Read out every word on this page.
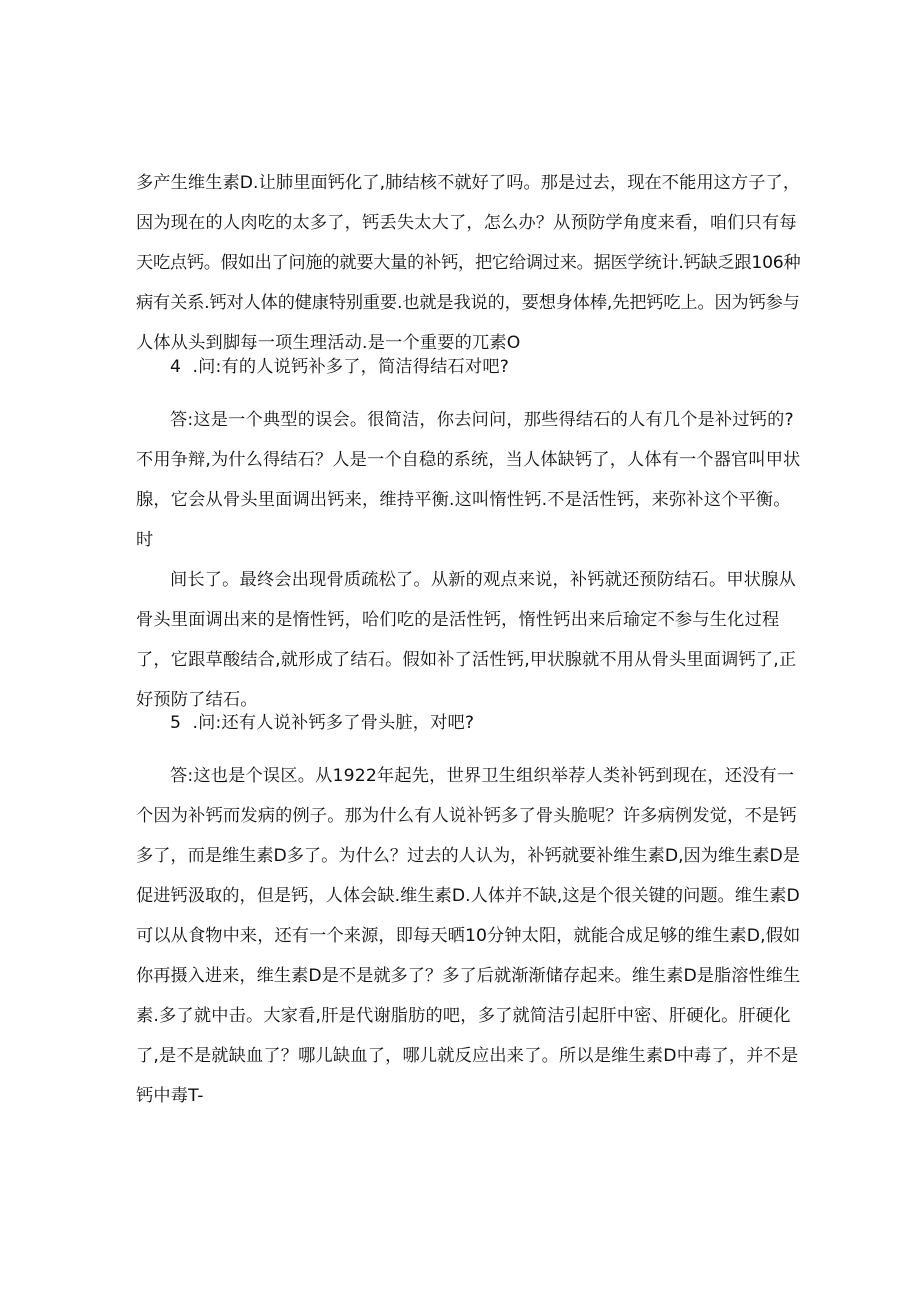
多产生维生素D.让肺里面钙化了,肺结核不就好了吗。那是过去，现在不能用这方子了，
因为现在的人肉吃的太多了，钙丢失太大了，怎么办？从预防学角度来看，咱们只有每
天吃点钙。假如出了问施的就要大量的补钙，把它给调过来。据医学统计.钙缺乏跟106种
病有关系.钙对人体的健康特别重要.也就是我说的，要想身体棒,先把钙吃上。因为钙参与
人体从头到脚每一项生理活动.是一个重要的兀素O
4  .问:有的人说钙补多了，简洁得结石对吧?
答:这是一个典型的误会。很简洁，你去问问，那些得结石的人有几个是补过钙的?
不用争辩,为什么得结石？人是一个自稳的系统，当人体缺钙了，人体有一个器官叫甲状
腺，它会从骨头里面调出钙来，维持平衡.这叫惰性钙.不是活性钙，来弥补这个平衡。
时
间长了。最终会出现骨质疏松了。从新的观点来说，补钙就还预防结石。甲状腺从
骨头里面调出来的是惰性钙，哈们吃的是活性钙，惰性钙出来后瑜定不参与生化过程
了，它跟草酸结合,就形成了结石。假如补了活性钙,甲状腺就不用从骨头里面调钙了,正
好预防了结石。
5  .问:还有人说补钙多了骨头脏，对吧?
答:这也是个误区。从1922年起先，世界卫生组织举荐人类补钙到现在，还没有一
个因为补钙而发病的例子。那为什么有人说补钙多了骨头脆呢？许多病例发觉，不是钙
多了，而是维生素D多了。为什么？过去的人认为，补钙就要补维生素D,因为维生素D是
促进钙汲取的，但是钙，人体会缺.维生素D.人体并不缺,这是个很关键的问题。维生素D
可以从食物中来，还有一个来源，即每天晒10分钟太阳，就能合成足够的维生素D,假如
你再摄入进来，维生素D是不是就多了？多了后就渐渐储存起来。维生素D是脂溶性维生
素.多了就中击。大家看,肝是代谢脂肪的吧，多了就简洁引起肝中密、肝硬化。肝硬化
了,是不是就缺血了？哪儿缺血了，哪儿就反应出来了。所以是维生素D中毒了，并不是
钙中毒T-
